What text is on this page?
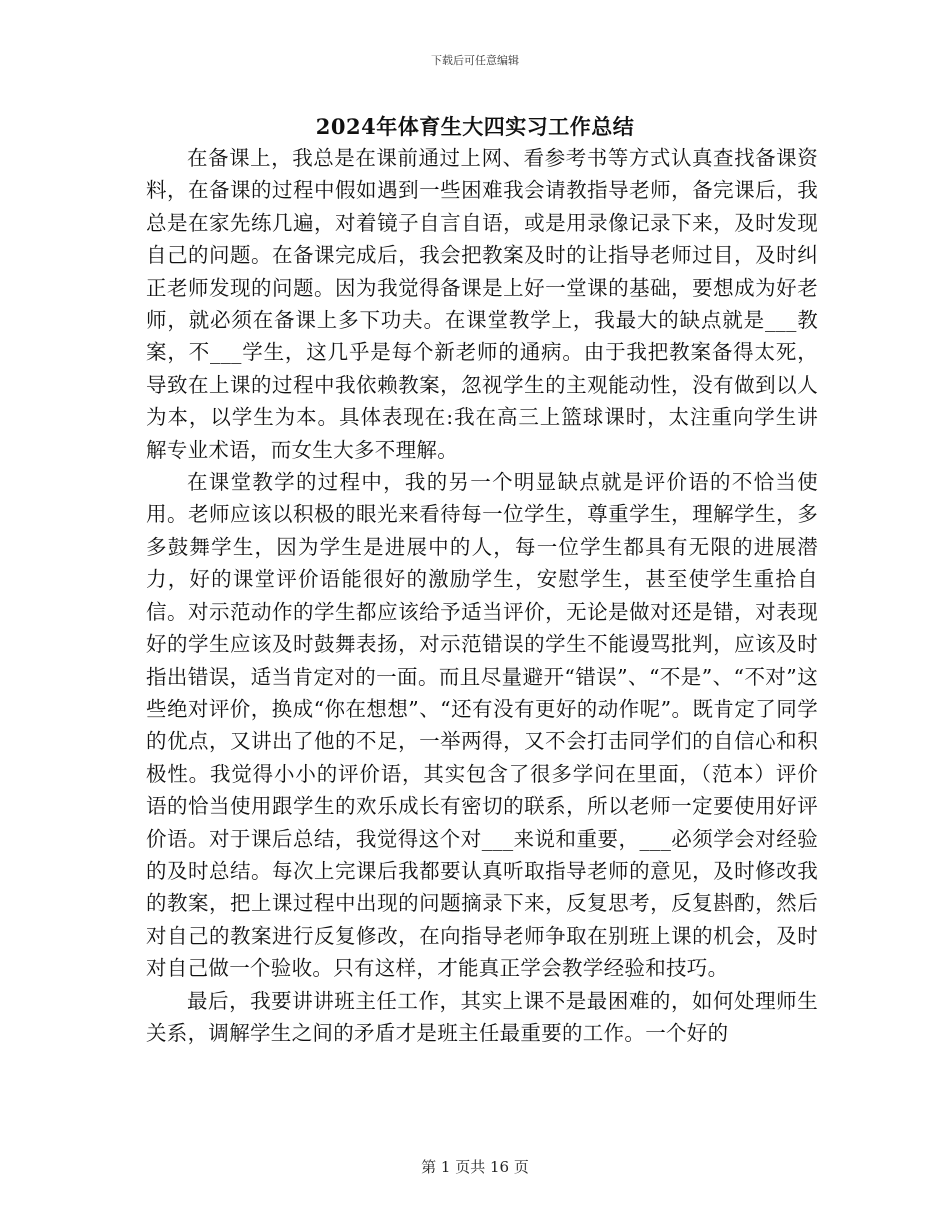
下载后可任意编辑
2024年体育生大四实习工作总结

在备课上，我总是在课前通过上网、看参考书等方式认真查找备课资料，在备课的过程中假如遇到一些困难我会请教指导老师，备完课后，我总是在家先练几遍，对着镜子自言自语，或是用录像记录下来，及时发现自己的问题。在备课完成后，我会把教案及时的让指导老师过目，及时纠正老师发现的问题。因为我觉得备课是上好一堂课的基础，要想成为好老师，就必须在备课上多下功夫。在课堂教学上，我最大的缺点就是___教案，不___学生，这几乎是每个新老师的通病。由于我把教案备得太死，导致在上课的过程中我依赖教案，忽视学生的主观能动性，没有做到以人为本，以学生为本。具体表现在:我在高三上篮球课时，太注重向学生讲解专业术语，而女生大多不理解。

在课堂教学的过程中，我的另一个明显缺点就是评价语的不恰当使用。老师应该以积极的眼光来看待每一位学生，尊重学生，理解学生，多多鼓舞学生，因为学生是进展中的人，每一位学生都具有无限的进展潜力，好的课堂评价语能很好的激励学生，安慰学生，甚至使学生重拾自信。对示范动作的学生都应该给予适当评价，无论是做对还是错，对表现好的学生应该及时鼓舞表扬，对示范错误的学生不能谩骂批判，应该及时指出错误，适当肯定对的一面。而且尽量避开“错误”、“不是”、“不对”这些绝对评价，换成“你在想想”、“还有没有更好的动作呢”。既肯定了同学的优点，又讲出了他的不足，一举两得，又不会打击同学们的自信心和积极性。我觉得小小的评价语，其实包含了很多学问在里面，（范本）评价语的恰当使用跟学生的欢乐成长有密切的联系，所以老师一定要使用好评价语。对于课后总结，我觉得这个对___来说和重要，___必须学会对经验的及时总结。每次上完课后我都要认真听取指导老师的意见，及时修改我的教案，把上课过程中出现的问题摘录下来，反复思考，反复斟酌，然后对自己的教案进行反复修改，在向指导老师争取在别班上课的机会，及时对自己做一个验收。只有这样，才能真正学会教学经验和技巧。

最后，我要讲讲班主任工作，其实上课不是最困难的，如何处理师生关系，调解学生之间的矛盾才是班主任最重要的工作。一个好的

第 1 页共 16 页
